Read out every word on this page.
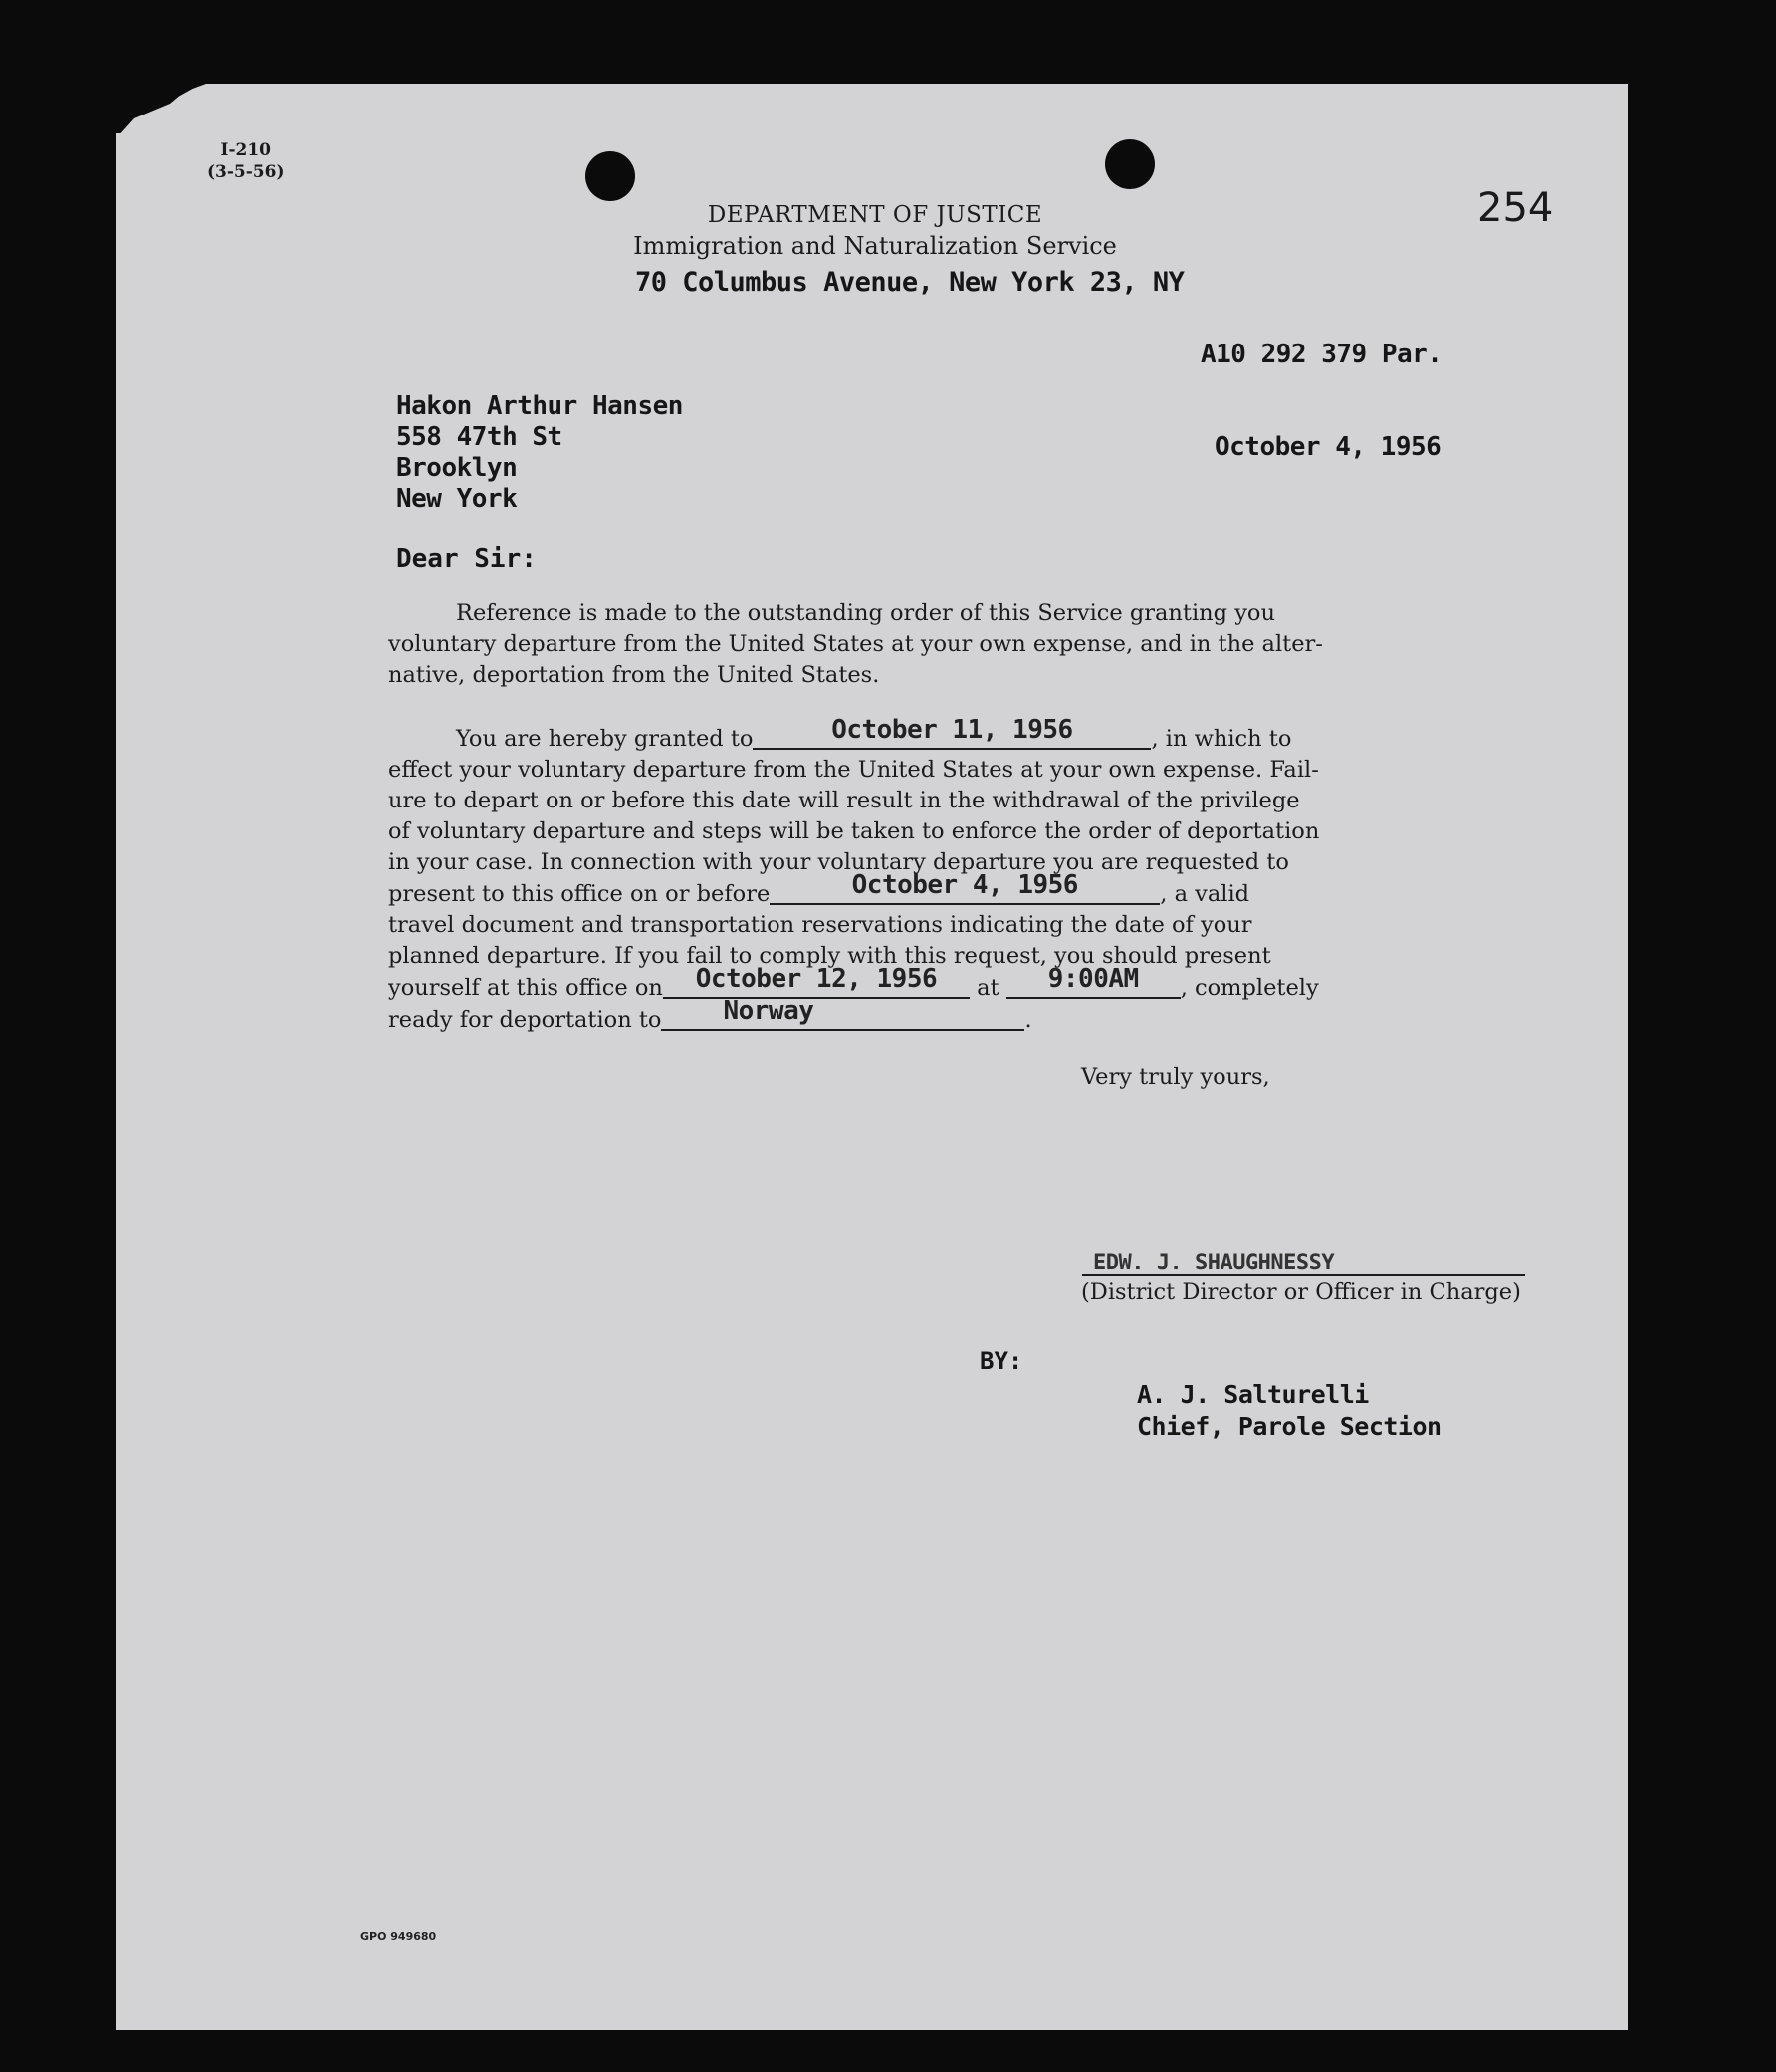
I-210
(3-5-56)
DEPARTMENT OF JUSTICE
Immigration and Naturalization Service
70 Columbus Avenue, New York 23, NY
254
A10 292 379 Par.
October 4, 1956
Hakon Arthur Hansen
558 47th St
Brooklyn
New York
Dear Sir:
Reference is made to the outstanding order of this Service granting you
voluntary departure from the United States at your own expense, and in the alter-
native, deportation from the United States.
You are hereby granted to	October 11, 1956	, in which to
effect your voluntary departure from the United States at your own expense. Fail-
ure to depart on or before this date will result in the withdrawal of the privilege
of voluntary departure and steps will be taken to enforce the order of deportation
in your case. In connection with your voluntary departure you are requested to
present to this office on or before	October 4, 1956	, a valid
travel document and transportation reservations indicating the date of your
planned departure. If you fail to comply with this request, you should present
yourself at this office on October 12, 1956 at 9:00AM , completely
ready for deportation to Norway	.
Very truly yours,
EDW. J. SHAUGHNESSY
(District Director or Officer in Charge)
BY:
A. J. Salturelli
Chief, Parole Section
GPO 949680
